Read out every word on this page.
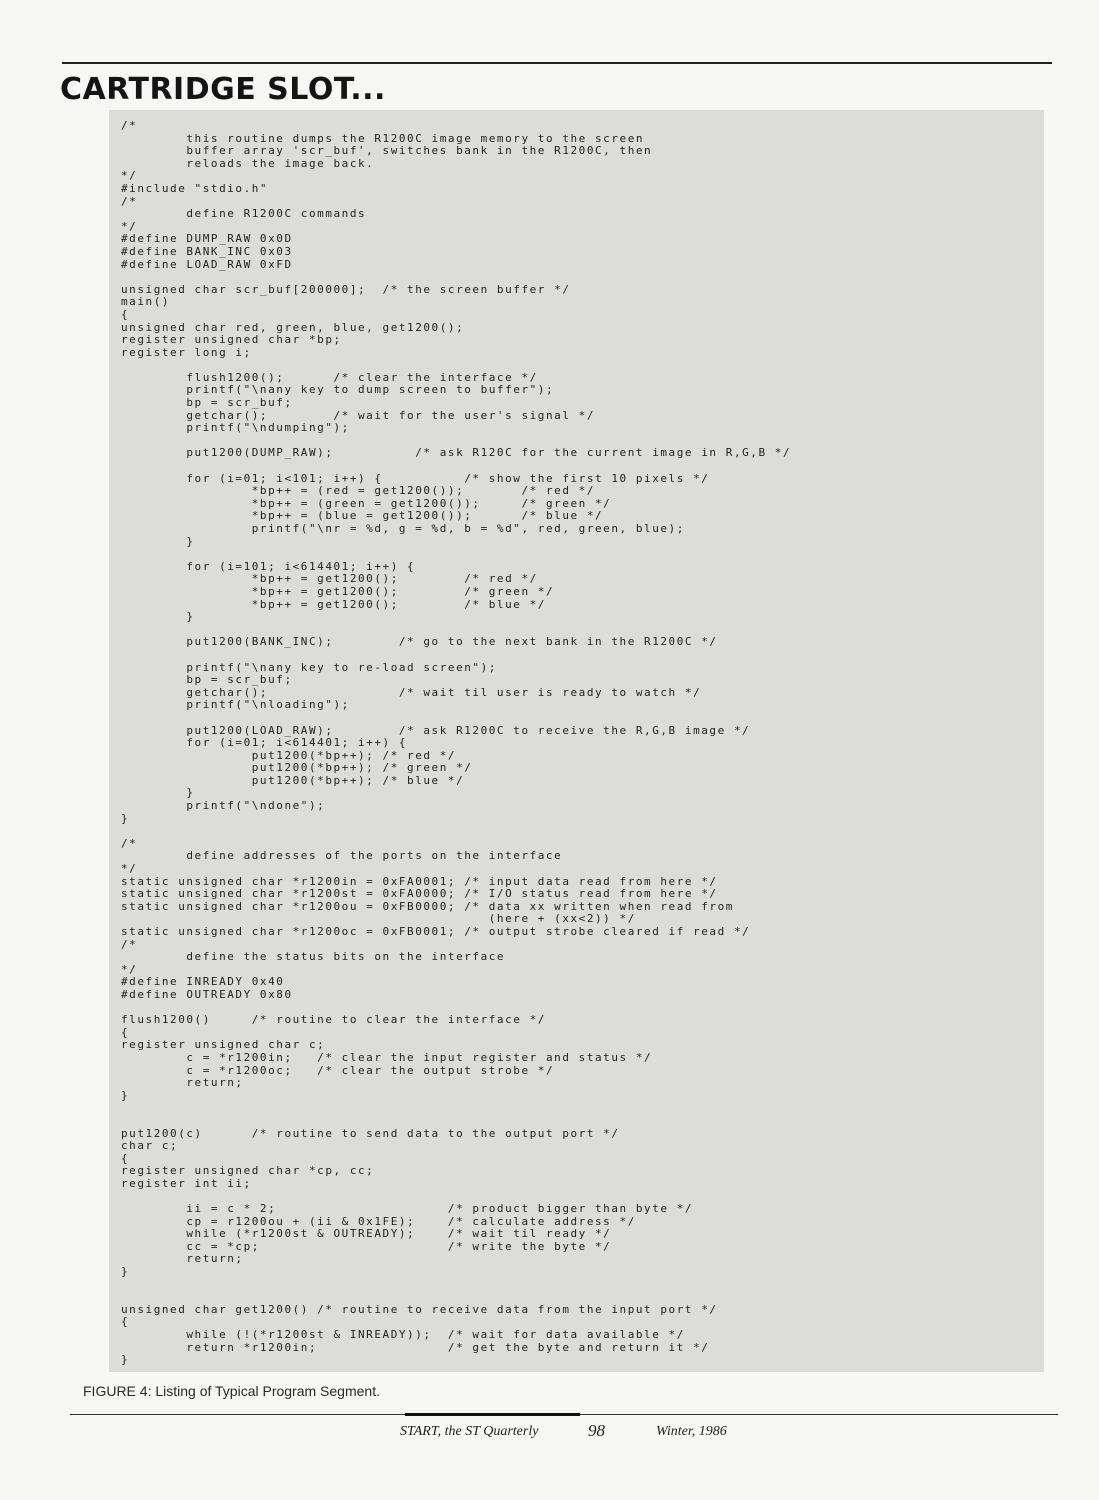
CARTRIDGE SLOT...
/*
this routine dumps the R1200C image memory to the screen
buffer array 'scr_buf', switches bank in the R1200C, then
reloads the image back.
*/
#include "stdio.h"
/*
define R1200C commands
*/
#define DUMP_RAW 0x0D
#define BANK_INC 0x03
#define LOAD_RAW 0xFD

unsigned char scr_buf[200000];  /* the screen buffer */
main()
{
unsigned char red, green, blue, get1200();
register unsigned char *bp;
register long i;

flush1200();      /* clear the interface */
printf("\nany key to dump screen to buffer");
bp = scr_buf;
getchar();        /* wait for the user's signal */
printf("\ndumping");

put1200(DUMP_RAW);          /* ask R120C for the current image in R,G,B */

for (i=01; i<101; i++) {          /* show the first 10 pixels */
*bp++ = (red = get1200());       /* red */
*bp++ = (green = get1200());     /* green */
*bp++ = (blue = get1200());      /* blue */
printf("\nr = %d, g = %d, b = %d", red, green, blue);
}

for (i=101; i<614401; i++) {
*bp++ = get1200();        /* red */
*bp++ = get1200();        /* green */
*bp++ = get1200();        /* blue */
}

put1200(BANK_INC);        /* go to the next bank in the R1200C */

printf("\nany key to re-load screen");
bp = scr_buf;
getchar();                /* wait til user is ready to watch */
printf("\nloading");

put1200(LOAD_RAW);        /* ask R1200C to receive the R,G,B image */
for (i=01; i<614401; i++) {
put1200(*bp++); /* red */
put1200(*bp++); /* green */
put1200(*bp++); /* blue */
}
printf("\ndone");
}

/*
define addresses of the ports on the interface
*/
static unsigned char *r1200in = 0xFA0001; /* input data read from here */
static unsigned char *r1200st = 0xFA0000; /* I/O status read from here */
static unsigned char *r1200ou = 0xFB0000; /* data xx written when read from
(here + (xx<2)) */
static unsigned char *r1200oc = 0xFB0001; /* output strobe cleared if read */
/*
define the status bits on the interface
*/
#define INREADY 0x40
#define OUTREADY 0x80

flush1200()     /* routine to clear the interface */
{
register unsigned char c;
c = *r1200in;   /* clear the input register and status */
c = *r1200oc;   /* clear the output strobe */
return;
}

put1200(c)      /* routine to send data to the output port */
char c;
{
register unsigned char *cp, cc;
register int ii;

ii = c * 2;                     /* product bigger than byte */
cp = r1200ou + (ii & 0x1FE);    /* calculate address */
while (*r1200st & OUTREADY);    /* wait til ready */
cc = *cp;                       /* write the byte */
return;
}

unsigned char get1200() /* routine to receive data from the input port */
{
while (!(*r1200st & INREADY));  /* wait for data available */
return *r1200in;                /* get the byte and return it */
}
FIGURE 4: Listing of Typical Program Segment.
START, the ST Quarterly	98	Winter, 1986
